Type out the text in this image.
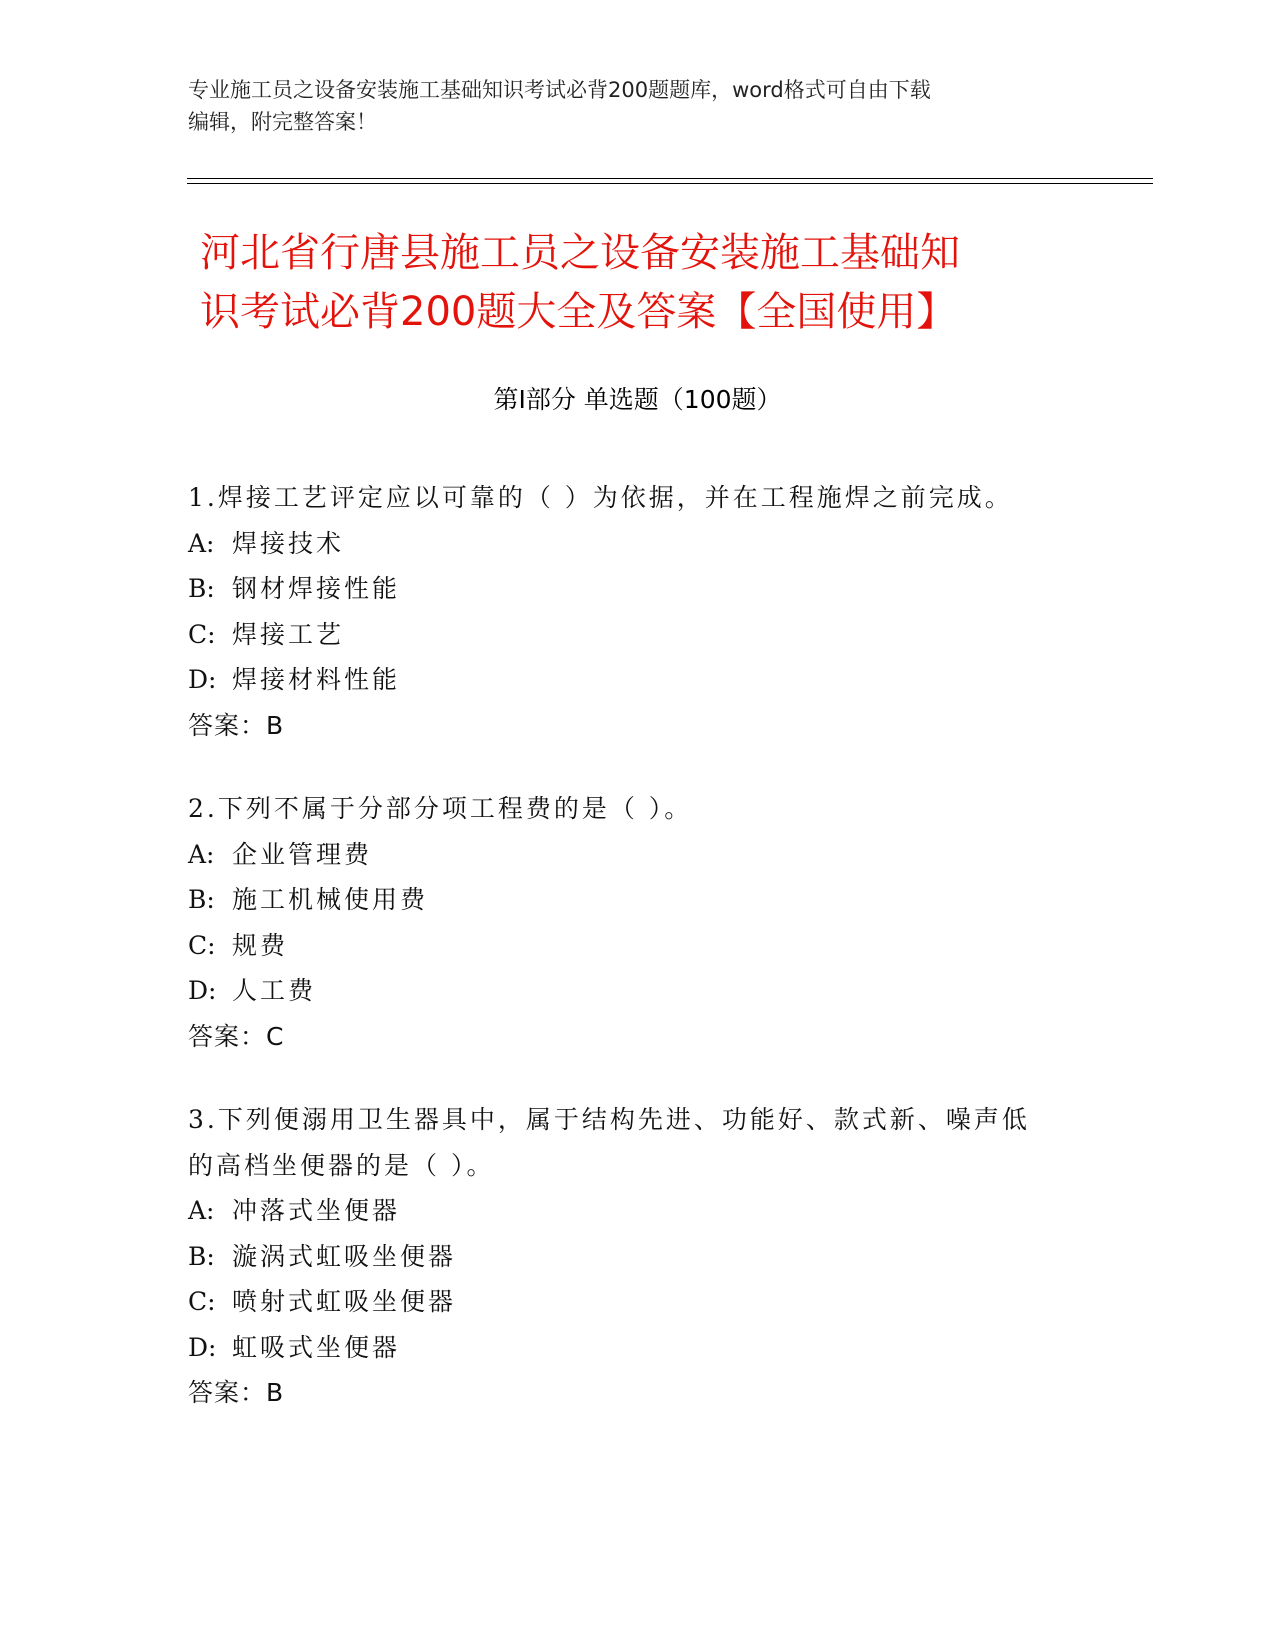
专业施工员之设备安装施工基础知识考试必背200题题库，word格式可自由下载
编辑，附完整答案！
河北省行唐县施工员之设备安装施工基础知
识考试必背200题大全及答案【全国使用】
第Ⅰ部分 单选题（100题）
1.焊接工艺评定应以可靠的（ ）为依据，并在工程施焊之前完成。
A: 焊接技术
B: 钢材焊接性能
C: 焊接工艺
D: 焊接材料性能
答案：B
2.下列不属于分部分项工程费的是（ ）。
A: 企业管理费
B: 施工机械使用费
C: 规费
D: 人工费
答案：C
3.下列便溺用卫生器具中，属于结构先进、功能好、款式新、噪声低
的高档坐便器的是（ ）。
A: 冲落式坐便器
B: 漩涡式虹吸坐便器
C: 喷射式虹吸坐便器
D: 虹吸式坐便器
答案：B
